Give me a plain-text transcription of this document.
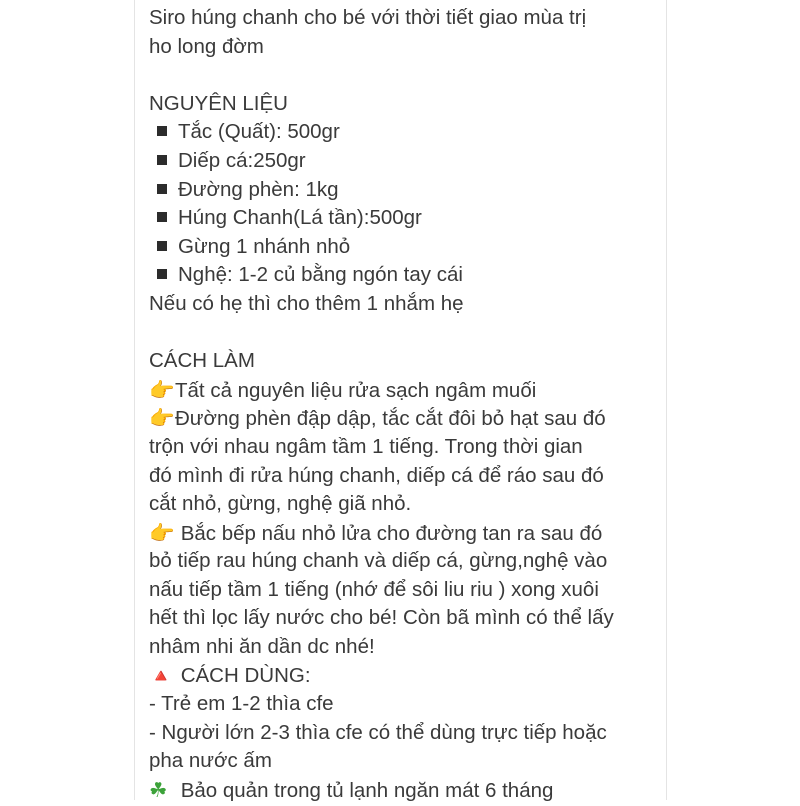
Siro húng chanh cho bé với thời tiết giao mùa trị
ho long đờm
NGUYÊN LIỆU
Tắc (Quất): 500gr
Diếp cá:250gr
Đường phèn: 1kg
Húng Chanh(Lá tần):500gr
Gừng 1 nhánh nhỏ
Nghệ: 1-2 củ bằng ngón tay cái
Nếu có hẹ thì cho thêm 1 nhắm hẹ
CÁCH LÀM
👉Tất cả nguyên liệu rửa sạch ngâm muối
👉Đường phèn đập dập, tắc cắt đôi bỏ hạt sau đó
trộn với nhau ngâm tầm 1 tiếng. Trong thời gian
đó mình đi rửa húng chanh, diếp cá để ráo sau đó
cắt nhỏ, gừng, nghệ giã nhỏ.
👉 Bắc bếp nấu nhỏ lửa cho đường tan ra sau đó
bỏ tiếp rau húng chanh và diếp cá, gừng,nghệ vào
nấu tiếp tầm 1 tiếng (nhớ để sôi liu riu ) xong xuôi
hết thì lọc lấy nước cho bé! Còn bã mình có thể lấy
nhâm nhi ăn dần dc nhé!
🔺 CÁCH DÙNG:
- Trẻ em 1-2 thìa cfe
- Người lớn 2-3 thìa cfe có thể dùng trực tiếp hoặc
pha nước ấm
☘ Bảo quản trong tủ lạnh ngăn mát 6 tháng
